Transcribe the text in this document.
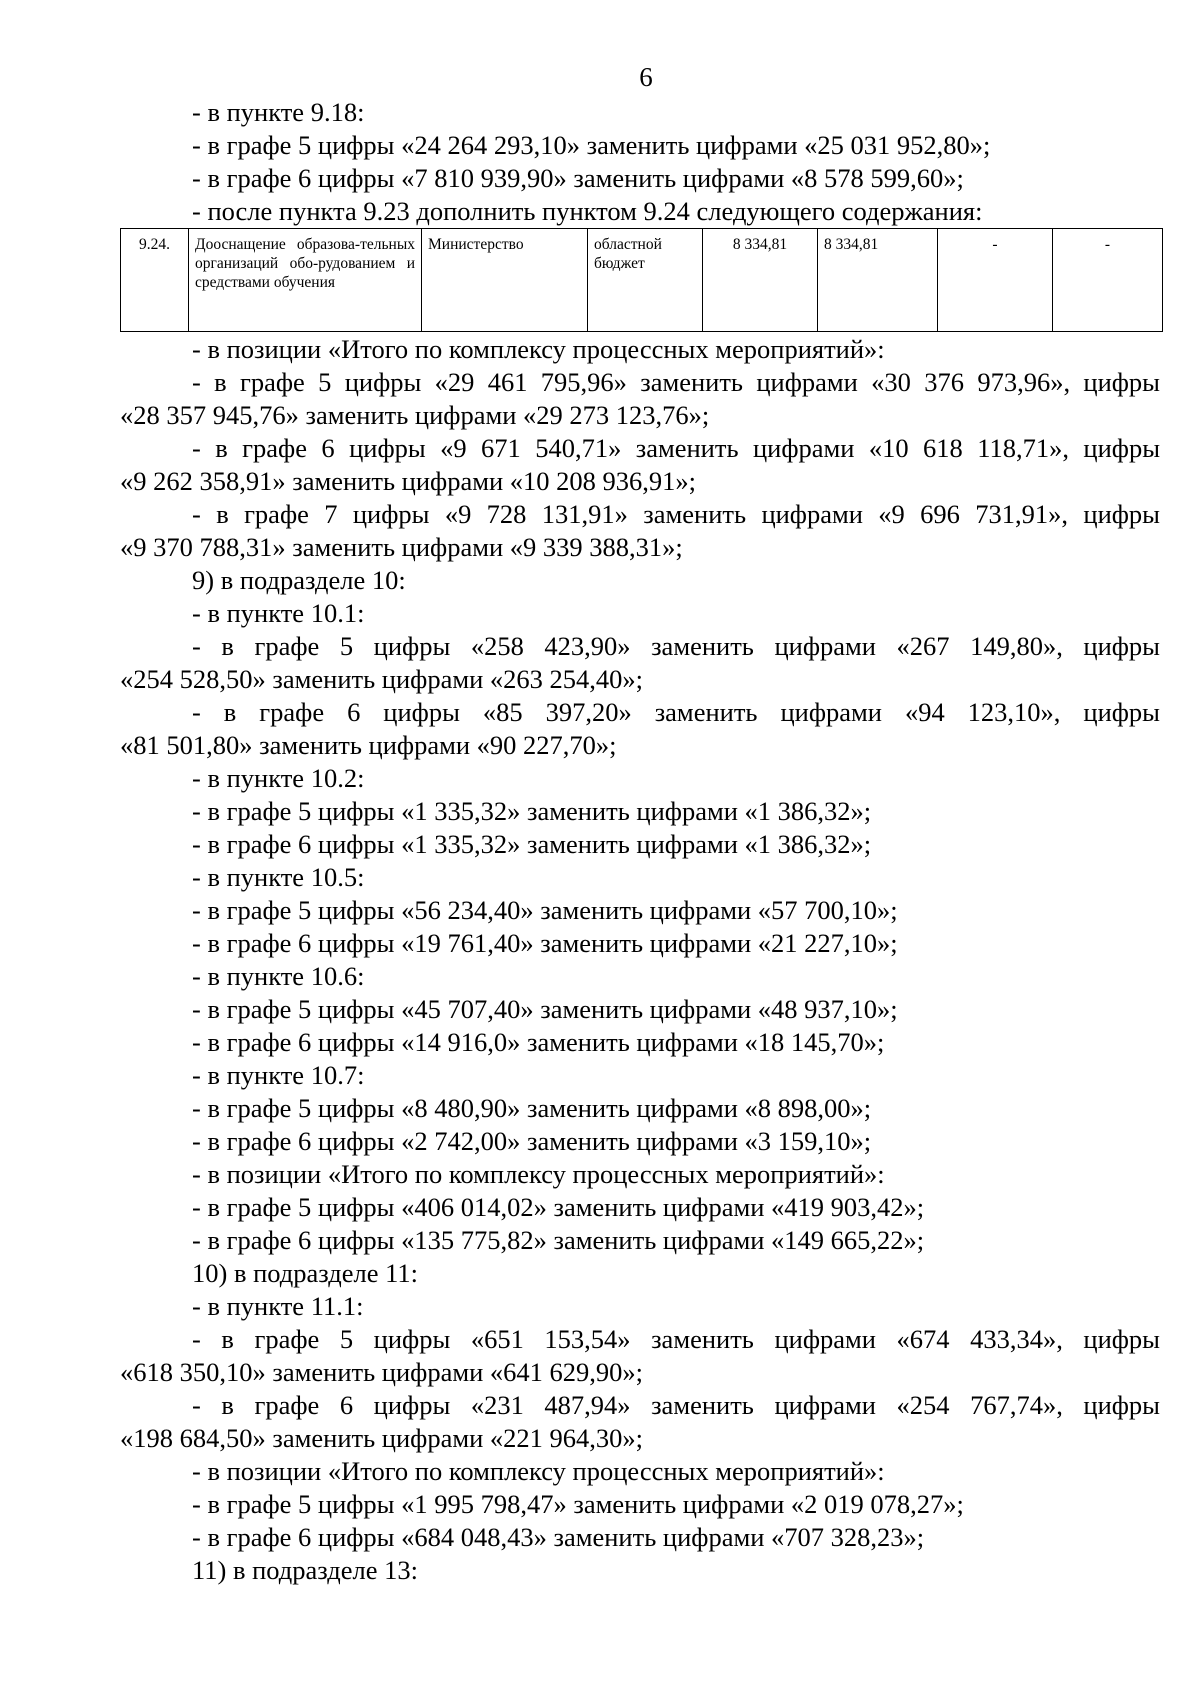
6
- в пункте 9.18:
- в графе 5 цифры «24 264 293,10» заменить цифрами «25 031 952,80»;
- в графе 6 цифры «7 810 939,90» заменить цифрами «8 578 599,60»;
- после пункта 9.23 дополнить пунктом 9.24 следующего содержания:
9.24.	Дооснащение образова-тельных организаций обо-рудованием и средствами обучения	Министерство	областной бюджет	8 334,81	8 334,81	-	-
- в позиции «Итого по комплексу процессных мероприятий»:
- в графе 5 цифры «29 461 795,96» заменить цифрами «30 376 973,96», цифры
«28 357 945,76» заменить цифрами «29 273 123,76»;
- в графе 6 цифры «9 671 540,71» заменить цифрами «10 618 118,71», цифры
«9 262 358,91» заменить цифрами «10 208 936,91»;
- в графе 7 цифры «9 728 131,91» заменить цифрами «9 696 731,91», цифры
«9 370 788,31» заменить цифрами «9 339 388,31»;
9) в подразделе 10:
- в пункте 10.1:
- в графе 5 цифры «258 423,90» заменить цифрами «267 149,80», цифры
«254 528,50» заменить цифрами «263 254,40»;
- в графе 6 цифры «85 397,20» заменить цифрами «94 123,10», цифры
«81 501,80» заменить цифрами «90 227,70»;
- в пункте 10.2:
- в графе 5 цифры «1 335,32» заменить цифрами «1 386,32»;
- в графе 6 цифры «1 335,32» заменить цифрами «1 386,32»;
- в пункте 10.5:
- в графе 5 цифры «56 234,40» заменить цифрами «57 700,10»;
- в графе 6 цифры «19 761,40» заменить цифрами «21 227,10»;
- в пункте 10.6:
- в графе 5 цифры «45 707,40» заменить цифрами «48 937,10»;
- в графе 6 цифры «14 916,0» заменить цифрами «18 145,70»;
- в пункте 10.7:
- в графе 5 цифры «8 480,90» заменить цифрами «8 898,00»;
- в графе 6 цифры «2 742,00» заменить цифрами «3 159,10»;
- в позиции «Итого по комплексу процессных мероприятий»:
- в графе 5 цифры «406 014,02» заменить цифрами «419 903,42»;
- в графе 6 цифры «135 775,82» заменить цифрами «149 665,22»;
10) в подразделе 11:
- в пункте 11.1:
- в графе 5 цифры «651 153,54» заменить цифрами «674 433,34», цифры
«618 350,10» заменить цифрами «641 629,90»;
- в графе 6 цифры «231 487,94» заменить цифрами «254 767,74», цифры
«198 684,50» заменить цифрами «221 964,30»;
- в позиции «Итого по комплексу процессных мероприятий»:
- в графе 5 цифры «1 995 798,47» заменить цифрами «2 019 078,27»;
- в графе 6 цифры «684 048,43» заменить цифрами «707 328,23»;
11) в подразделе 13:
